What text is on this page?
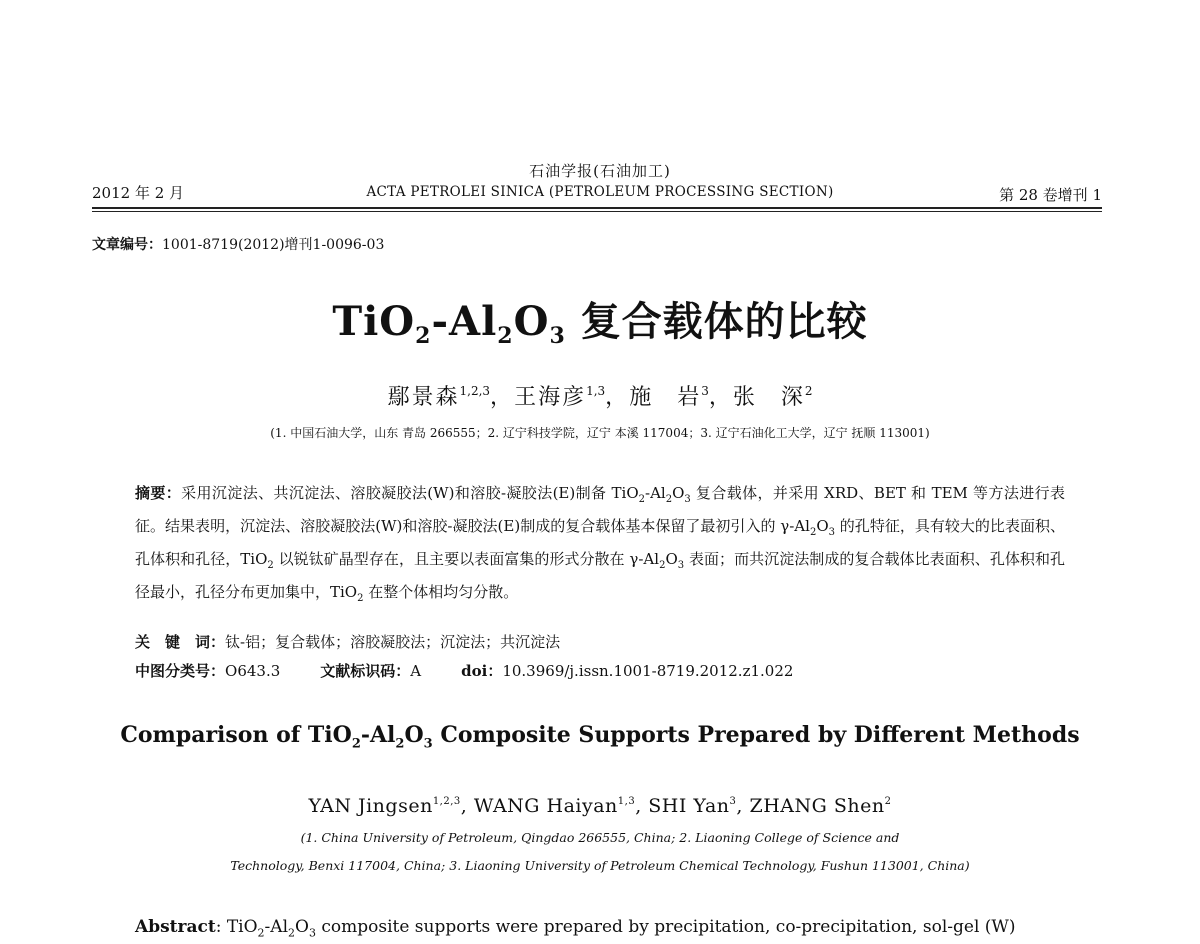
石油学报(石油加工)
2012 年 2 月	ACTA PETROLEI SINICA (PETROLEUM PROCESSING SECTION)	第 28 卷增刊 1
文章编号：1001-8719(2012)增刊1-0096-03
$TiO_2-Al_2O_3$ 复合载体的比较
鄢景森$^{1,2,3}$，王海彦$^{1,3}$，施　岩$^3$，张　深$^2$
(1. 中国石油大学，山东 青岛 266555；2. 辽宁科技学院，辽宁 本溪 117004；3. 辽宁石油化工大学，辽宁 抚顺 113001)
摘要：采用沉淀法、共沉淀法、溶胶凝胶法(W)和溶胶-凝胶法(E)制备 $TiO_2-Al_2O_3$ 复合载体，并采用 XRD、BET 和 TEM 等方法进行表征。结果表明，沉淀法、溶胶凝胶法(W)和溶胶-凝胶法(E)制成的复合载体基本保留了最初引入的 $\gamma-Al_2O_3$ 的孔特征，具有较大的比表面积、孔体积和孔径，TiO$_2$ 以锐钛矿晶型存在，且主要以表面富集的形式分散在 $\gamma-Al_2O_3$ 表面；而共沉淀法制成的复合载体比表面积、孔体积和孔径最小，孔径分布更加集中，TiO$_2$ 在整个体相均匀分散。
关　键　词：钛-铝；复合载体；溶胶凝胶法；沉淀法；共沉淀法
中图分类号：O643.3	文献标识码：A	doi：10.3969/j.issn.1001-8719.2012.z1.022
Comparison of $TiO_2-Al_2O_3$ Composite Supports Prepared by Different Methods
YAN Jingsen$^{1,2,3}$, WANG Haiyan$^{1,3}$, SHI Yan$^3$, ZHANG Shen$^2$
(1. China University of Petroleum, Qingdao 266555, China; 2. Liaoning College of Science and
Technology, Benxi 117004, China; 3. Liaoning University of Petroleum Chemical Technology, Fushun 113001, China)
Abstract: $TiO_2-Al_2O_3$ composite supports were prepared by precipitation, co-precipitation, sol-gel (W)
